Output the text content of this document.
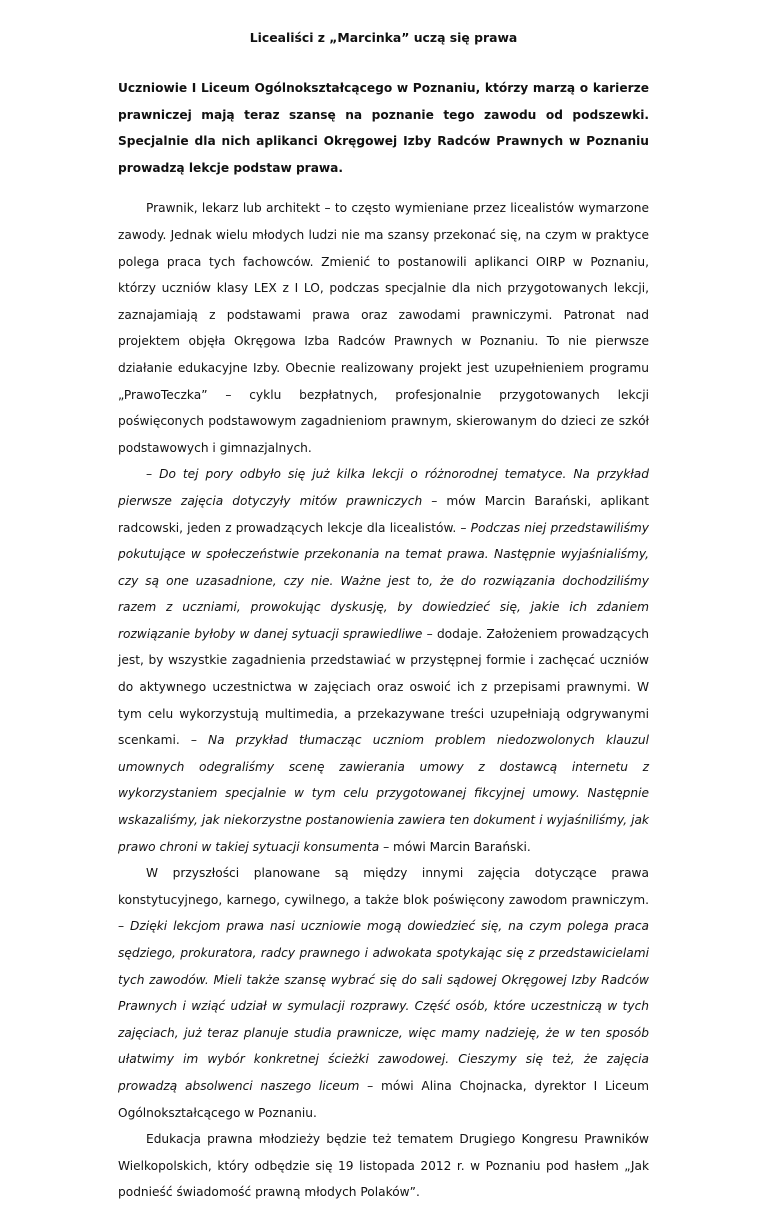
Licealiści z „Marcinka” uczą się prawa

Uczniowie I Liceum Ogólnokształcącego w Poznaniu, którzy marzą o karierze prawniczej mają teraz szansę na poznanie tego zawodu od podszewki. Specjalnie dla nich aplikanci Okręgowej Izby Radców Prawnych w Poznaniu prowadzą lekcje podstaw prawa.

Prawnik, lekarz lub architekt – to często wymieniane przez licealistów wymarzone zawody. Jednak wielu młodych ludzi nie ma szansy przekonać się, na czym w praktyce polega praca tych fachowców. Zmienić to postanowili aplikanci OIRP w Poznaniu, którzy uczniów klasy LEX z I LO, podczas specjalnie dla nich przygotowanych lekcji, zaznajamiają z podstawami prawa oraz zawodami prawniczymi. Patronat nad projektem objęła Okręgowa Izba Radców Prawnych w Poznaniu. To nie pierwsze działanie edukacyjne Izby. Obecnie realizowany projekt jest uzupełnieniem programu „PrawoTeczka” – cyklu bezpłatnych, profesjonalnie przygotowanych lekcji poświęconych podstawowym zagadnieniom prawnym, skierowanym do dzieci ze szkół podstawowych i gimnazjalnych.

– Do tej pory odbyło się już kilka lekcji o różnorodnej tematyce. Na przykład pierwsze zajęcia dotyczyły mitów prawniczych – mów Marcin Barański, aplikant radcowski, jeden z prowadzących lekcje dla licealistów. – Podczas niej przedstawiliśmy pokutujące w społeczeństwie przekonania na temat prawa. Następnie wyjaśnialiśmy, czy są one uzasadnione, czy nie. Ważne jest to, że do rozwiązania dochodziliśmy razem z uczniami, prowokując dyskusję, by dowiedzieć się, jakie ich zdaniem rozwiązanie byłoby w danej sytuacji sprawiedliwe – dodaje. Założeniem prowadzących jest, by wszystkie zagadnienia przedstawiać w przystępnej formie i zachęcać uczniów do aktywnego uczestnictwa w zajęciach oraz oswoić ich z przepisami prawnymi. W tym celu wykorzystują multimedia, a przekazywane treści uzupełniają odgrywanymi scenkami. – Na przykład tłumacząc uczniom problem niedozwolonych klauzul umownych odegraliśmy scenę zawierania umowy z dostawcą internetu z wykorzystaniem specjalnie w tym celu przygotowanej fikcyjnej umowy. Następnie wskazaliśmy, jak niekorzystne postanowienia zawiera ten dokument i wyjaśniliśmy, jak prawo chroni w takiej sytuacji konsumenta – mówi Marcin Barański.

W przyszłości planowane są między innymi zajęcia dotyczące prawa konstytucyjnego, karnego, cywilnego, a także blok poświęcony zawodom prawniczym. – Dzięki lekcjom prawa nasi uczniowie mogą dowiedzieć się, na czym polega praca sędziego, prokuratora, radcy prawnego i adwokata spotykając się z przedstawicielami tych zawodów. Mieli także szansę wybrać się do sali sądowej Okręgowej Izby Radców Prawnych i wziąć udział w symulacji rozprawy. Część osób, które uczestniczą w tych zajęciach, już teraz planuje studia prawnicze, więc mamy nadzieję, że w ten sposób ułatwimy im wybór konkretnej ścieżki zawodowej. Cieszymy się też, że zajęcia prowadzą absolwenci naszego liceum – mówi Alina Chojnacka, dyrektor I Liceum Ogólnokształcącego w Poznaniu.

Edukacja prawna młodzieży będzie też tematem Drugiego Kongresu Prawników Wielkopolskich, który odbędzie się 19 listopada 2012 r. w Poznaniu pod hasłem „Jak podnieść świadomość prawną młodych Polaków”.
